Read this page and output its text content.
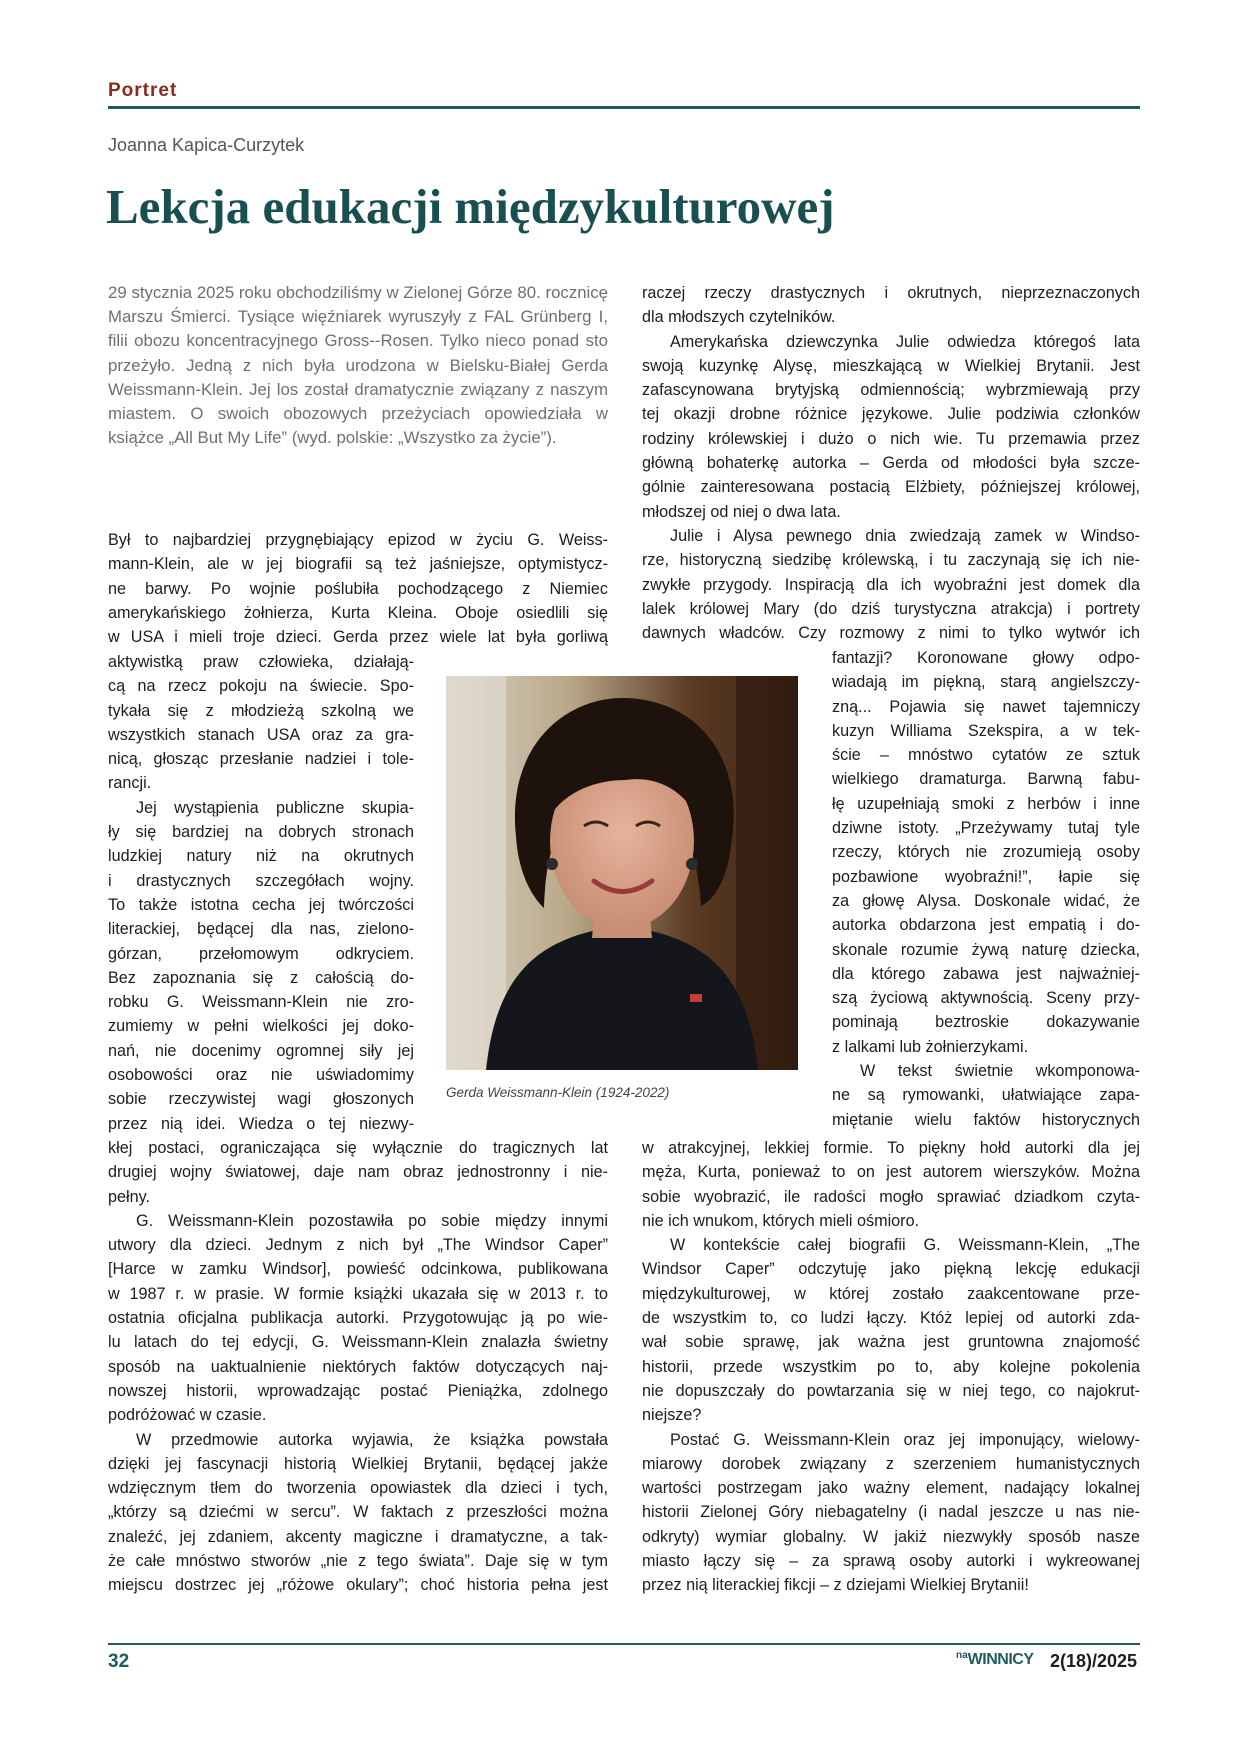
Portret
Joanna Kapica-Curzytek
Lekcja edukacji międzykulturowej

29 stycznia 2025 roku obchodziliśmy w Zielonej Górze 80. rocznicę Marszu Śmierci. Tysiące więźniarek wyruszyły z FAL Grünberg I, filii obozu koncentracyjnego Gross--Rosen. Tylko nieco ponad sto przeżyło. Jedną z nich była urodzona w Bielsku-Białej Gerda Weissmann-Klein. Jej los został dramatycznie związany z naszym miastem. O swoich obozowych przeżyciach opowiedziała w książce „All But My Life” (wyd. polskie: „Wszystko za życie”).

Był to najbardziej przygnębiający epizod w życiu G. Weiss-
mann-Klein, ale w jej biografii są też jaśniejsze, optymistycz-
ne barwy. Po wojnie poślubiła pochodzącego z Niemiec
amerykańskiego żołnierza, Kurta Kleina. Oboje osiedlili się
w USA i mieli troje dzieci. Gerda przez wiele lat była gorliwą
aktywistką praw człowieka, działają-
cą na rzecz pokoju na świecie. Spo-
tykała się z młodzieżą szkolną we
wszystkich stanach USA oraz za gra-
nicą, głosząc przesłanie nadziei i tole-
rancji.
Jej wystąpienia publiczne skupia-
ły się bardziej na dobrych stronach
ludzkiej natury niż na okrutnych
i drastycznych szczegółach wojny.
To także istotna cecha jej twórczości
literackiej, będącej dla nas, zielono-
górzan, przełomowym odkryciem.
Bez zapoznania się z całością do-
robku G. Weissmann-Klein nie zro-
zumiemy w pełni wielkości jej doko-
nań, nie docenimy ogromnej siły jej
osobowości oraz nie uświadomimy
sobie rzeczywistej wagi głoszonych
przez nią idei. Wiedza o tej niezwy-
kłej postaci, ograniczająca się wyłącznie do tragicznych lat
drugiej wojny światowej, daje nam obraz jednostronny i nie-
pełny.
G. Weissmann-Klein pozostawiła po sobie między innymi
utwory dla dzieci. Jednym z nich był „The Windsor Caper”
[Harce w zamku Windsor], powieść odcinkowa, publikowana
w 1987 r. w prasie. W formie książki ukazała się w 2013 r. to
ostatnia oficjalna publikacja autorki. Przygotowując ją po wie-
lu latach do tej edycji, G. Weissmann-Klein znalazła świetny
sposób na uaktualnienie niektórych faktów dotyczących naj-
nowszej historii, wprowadzając postać Pieniążka, zdolnego
podróżować w czasie.
W przedmowie autorka wyjawia, że książka powstała
dzięki jej fascynacji historią Wielkiej Brytanii, będącej jakże
wdzięcznym tłem do tworzenia opowiastek dla dzieci i tych,
„którzy są dziećmi w sercu”. W faktach z przeszłości można
znaleźć, jej zdaniem, akcenty magiczne i dramatyczne, a tak-
że całe mnóstwo stworów „nie z tego świata”. Daje się w tym
miejscu dostrzec jej „różowe okulary”; choć historia pełna jest
raczej rzeczy drastycznych i okrutnych, nieprzeznaczonych
dla młodszych czytelników.
Amerykańska dziewczynka Julie odwiedza któregoś lata
swoją kuzynkę Alysę, mieszkającą w Wielkiej Brytanii. Jest
zafascynowana brytyjską odmiennością; wybrzmiewają przy
tej okazji drobne różnice językowe. Julie podziwia członków
rodziny królewskiej i dużo o nich wie. Tu przemawia przez
główną bohaterkę autorka – Gerda od młodości była szcze-
gólnie zainteresowana postacią Elżbiety, późniejszej królowej,
młodszej od niej o dwa lata.
Julie i Alysa pewnego dnia zwiedzają zamek w Windso-
rze, historyczną siedzibę królewską, i tu zaczynają się ich nie-
zwykłe przygody. Inspiracją dla ich wyobraźni jest domek dla
lalek królowej Mary (do dziś turystyczna atrakcja) i portrety
dawnych władców. Czy rozmowy z nimi to tylko wytwór ich
fantazji? Koronowane głowy odpo-
wiadają im piękną, starą angielszczy-
zną... Pojawia się nawet tajemniczy
kuzyn Williama Szekspira, a w tek-
ście – mnóstwo cytatów ze sztuk
wielkiego dramaturga. Barwną fabu-
łę uzupełniają smoki z herbów i inne
dziwne istoty. „Przeżywamy tutaj tyle
rzeczy, których nie zrozumieją osoby
pozbawione wyobraźni!”, łapie się
za głowę Alysa. Doskonale widać, że
autorka obdarzona jest empatią i do-
skonale rozumie żywą naturę dziecka,
dla którego zabawa jest najważniej-
szą życiową aktywnością. Sceny przy-
pominają beztroskie dokazywanie
z lalkami lub żołnierzykami.
W tekst świetnie wkomponowa-
ne są rymowanki, ułatwiające zapa-
miętanie wielu faktów historycznych
w atrakcyjnej, lekkiej formie. To piękny hołd autorki dla jej
męża, Kurta, ponieważ to on jest autorem wierszyków. Można
sobie wyobrazić, ile radości mogło sprawiać dziadkom czyta-
nie ich wnukom, których mieli ośmioro.
W kontekście całej biografii G. Weissmann-Klein, „The
Windsor Caper” odczytuję jako piękną lekcję edukacji
międzykulturowej, w której zostało zaakcentowane prze-
de wszystkim to, co ludzi łączy. Któż lepiej od autorki zda-
wał sobie sprawę, jak ważna jest gruntowna znajomość
historii, przede wszystkim po to, aby kolejne pokolenia
nie dopuszczały do powtarzania się w niej tego, co najokrut-
niejsze?
Postać G. Weissmann-Klein oraz jej imponujący, wielowy-
miarowy dorobek związany z szerzeniem humanistycznych
wartości postrzegam jako ważny element, nadający lokalnej
historii Zielonej Góry niebagatelny (i nadal jeszcze u nas nie-
odkryty) wymiar globalny. W jakiż niezwykły sposób nasze
miasto łączy się – za sprawą osoby autorki i wykreowanej
przez nią literackiej fikcji – z dziejami Wielkiej Brytanii!
Gerda Weissmann-Klein (1924-2022)
32	$^{na}$WINNICY 2(18)/2025
